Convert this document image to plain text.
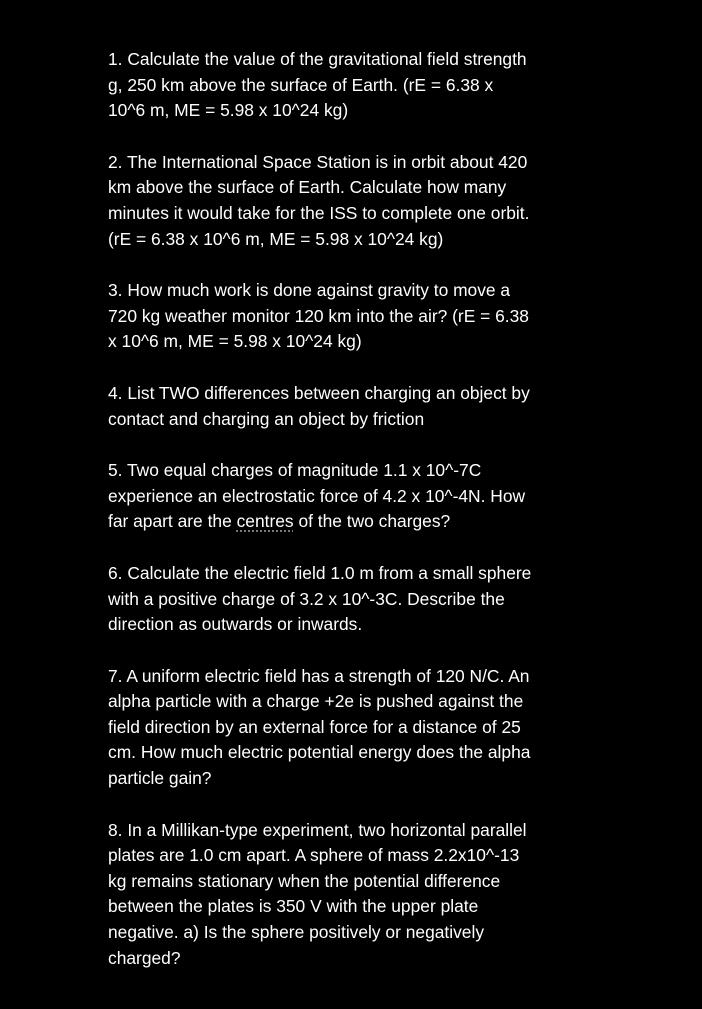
1. Calculate the value of the gravitational field strength
g, 250 km above the surface of Earth. (rE = 6.38 x
10^6 m, ME = 5.98 x 10^24 kg)
2. The International Space Station is in orbit about 420
km above the surface of Earth. Calculate how many
minutes it would take for the ISS to complete one orbit.
(rE = 6.38 x 10^6 m, ME = 5.98 x 10^24 kg)
3. How much work is done against gravity to move a
720 kg weather monitor 120 km into the air? (rE = 6.38
x 10^6 m, ME = 5.98 x 10^24 kg)
4. List TWO differences between charging an object by
contact and charging an object by friction
5. Two equal charges of magnitude 1.1 x 10^-7C
experience an electrostatic force of 4.2 x 10^-4N. How
far apart are the centres of the two charges?
6. Calculate the electric field 1.0 m from a small sphere
with a positive charge of 3.2 x 10^-3C. Describe the
direction as outwards or inwards.
7. A uniform electric field has a strength of 120 N/C. An
alpha particle with a charge +2e is pushed against the
field direction by an external force for a distance of 25
cm. How much electric potential energy does the alpha
particle gain?
8. In a Millikan-type experiment, two horizontal parallel
plates are 1.0 cm apart. A sphere of mass 2.2x10^-13
kg remains stationary when the potential difference
between the plates is 350 V with the upper plate
negative. a) Is the sphere positively or negatively
charged?
